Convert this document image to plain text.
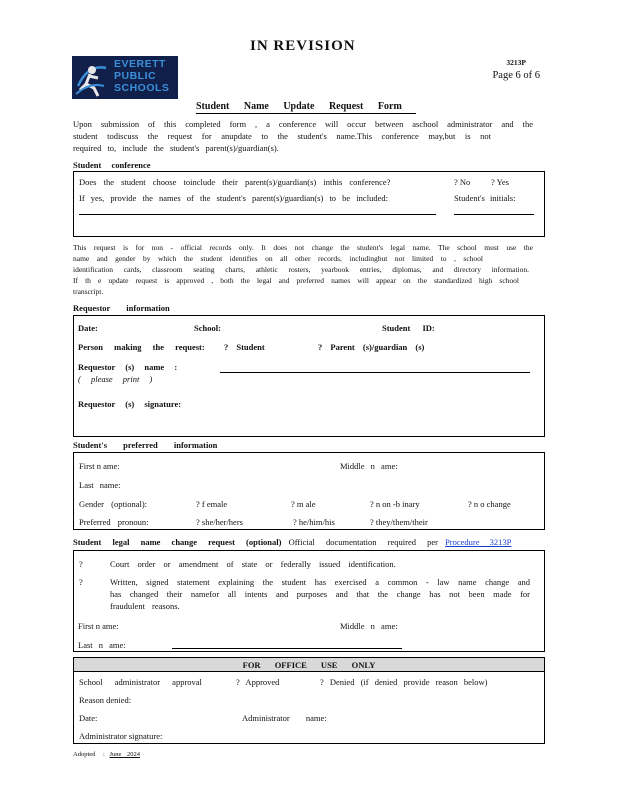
IN REVISION
3213P
Page 6 of 6
EVERETT
PUBLIC
SCHOOLS
Student Name Update Request Form
Upon submission of this completed form , a conference will occur between aschool administrator and the
student todiscuss the request for anupdate to the student's name.This conference may,but is not
required to, include the student's parent(s)/guardian(s).
Student conference
Does the student choose toinclude their parent(s)/guardian(s) inthis conference?	? No ? Yes
If yes, provide the names of the student's parent(s)/guardian(s) to be included:	Student's initials:
This request is for non - official records only. It does not change the student's legal name. The school must use the
name and gender by which the student identifies on all other records, includingbut not limited to , school
identification cards, classroom seating charts, athletic rosters, yearbook entries, diplomas, and directory information.
If th e update request is approved , both the legal and preferred names will appear on the standardized high school
transcript.
Requestor information
Date:	School:	Student ID:
Person making the request: ? Student	? Parent (s)/guardian (s)
Requestor (s) name :
( please print )
Requestor (s) signature:
Student's preferred information
First n ame:	Middle n ame:
Last name:
Gender (optional):	? f emale	? m ale	? n on -b inary	? n o change
Preferred pronoun:	? she/her/hers	? he/him/his	? they/them/their
Student legal name change request (optional) Official documentation required per Procedure 3213P
?	Court order or amendment of state or federally issued identification.
?	Written, signed statement explaining the student has exercised a common - law name change and
has changed their namefor all intents and purposes and that the change has not been made for
fraudulent reasons.
First n ame:	Middle n ame:
Last n ame:
FOR OFFICE USE ONLY
School administrator approval	? Approved	? Denied (if denied provide reason below)
Reason denied:
Date:	Administrator name:
Administrator signature:
Adopted : June 2024
